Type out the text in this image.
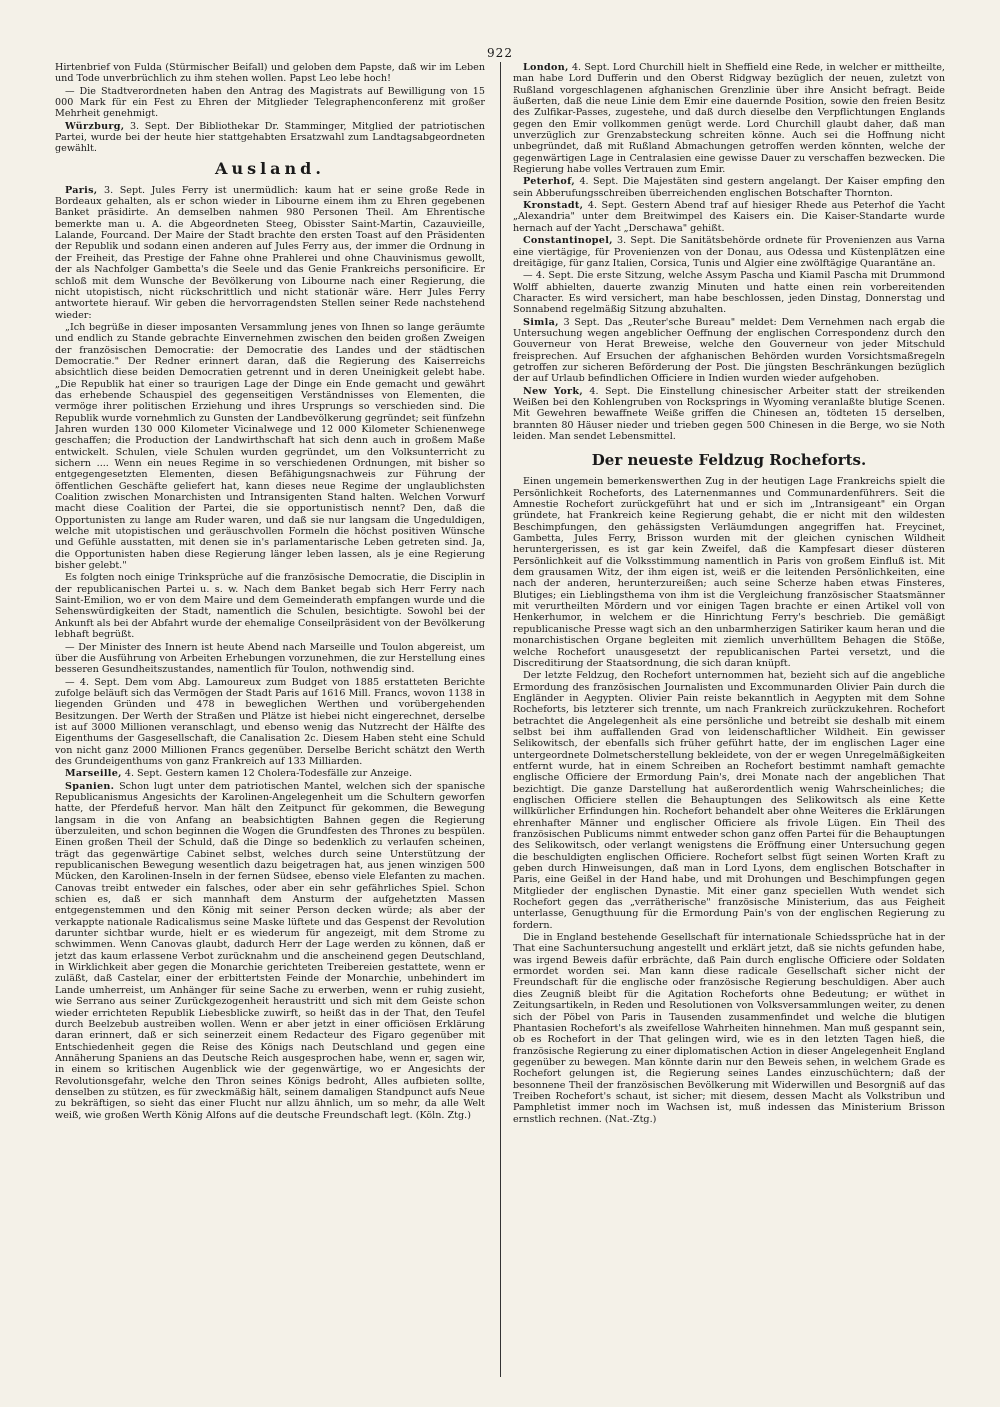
922

Hirtenbrief von Fulda (Stürmischer Beifall) und geloben dem Papste, daß wir im Leben und Tode unverbrüchlich zu ihm stehen wollen. Papst Leo lebe hoch!

— Die Stadtverordneten haben den Antrag des Magistrats auf Bewilligung von 15 000 Mark für ein Fest zu Ehren der Mitglieder Telegraphenconferenz mit großer Mehrheit genehmigt.

Würzburg, 3. Sept. Der Bibliothekar Dr. Stamminger, Mitglied der patriotischen Partei, wurde bei der heute hier stattgehabten Ersatzwahl zum Landtagsabgeordneten gewählt.

Ausland.

Paris, 3. Sept. Jules Ferry ist unermüdlich: kaum hat er seine große Rede in Bordeaux gehalten, als er schon wieder in Libourne einem ihm zu Ehren gegebenen Banket präsidirte. An demselben nahmen 980 Personen Theil. Am Ehrentische bemerkte man u. A. die Abgeordneten Steeg, Obisster Saint-Martin, Cazauvieille, Lalande, Fourcand. Der Maire der Stadt brachte den ersten Toast auf den Präsidenten der Republik und sodann einen anderen auf Jules Ferry aus, der immer die Ordnung in der Freiheit, das Prestige der Fahne ohne Prahlerei und ohne Chauvinismus gewollt, der als Nachfolger Gambetta's die Seele und das Genie Frankreichs personificire. Er schloß mit dem Wunsche der Bevölkerung von Libourne nach einer Regierung, die nicht utopistisch, nicht rückschrittlich und nicht stationär wäre. Herr Jules Ferry antwortete hierauf. Wir geben die hervorragendsten Stellen seiner Rede nachstehend wieder:

„Ich begrüße in dieser imposanten Versammlung jenes von Ihnen so lange geräumte und endlich zu Stande gebrachte Einvernehmen zwischen den beiden großen Zweigen der französischen Democratie: der Democratie des Landes und der städtischen Democratie." Der Redner erinnert daran, daß die Regierung des Kaiserreichs absichtlich diese beiden Democratien getrennt und in deren Uneinigkeit gelebt habe. „Die Republik hat einer so traurigen Lage der Dinge ein Ende gemacht und gewährt das erhebende Schauspiel des gegenseitigen Verständnisses von Elementen, die vermöge ihrer politischen Erziehung und ihres Ursprungs so verschieden sind. Die Republik wurde vornehmlich zu Gunsten der Landbevölkerung gegründet; seit fünfzehn Jahren wurden 130 000 Kilometer Vicinalwege und 12 000 Kilometer Schienenwege geschaffen; die Production der Landwirthschaft hat sich denn auch in großem Maße entwickelt. Schulen, viele Schulen wurden gegründet, um den Volksunterricht zu sichern .... Wenn ein neues Regime in so verschiedenen Ordnungen, mit bisher so entgegengesetzten Elementen, diesen Befähigungsnachweis zur Führung der öffentlichen Geschäfte geliefert hat, kann dieses neue Regime der unglaublichsten Coalition zwischen Monarchisten und Intransigenten Stand halten. Welchen Vorwurf macht diese Coalition der Partei, die sie opportunistisch nennt? Den, daß die Opportunisten zu lange am Ruder waren, und daß sie nur langsam die Ungeduldigen, welche mit utopistischen und geräuschvollen Formeln die höchst positiven Wünsche und Gefühle ausstatten, mit denen sie in's parlamentarische Leben getreten sind. Ja, die Opportunisten haben diese Regierung länger leben lassen, als je eine Regierung bisher gelebt."

Es folgten noch einige Trinksprüche auf die französische Democratie, die Disciplin in der republicanischen Partei u. s. w. Nach dem Banket begab sich Herr Ferry nach Saint-Emilion, wo er von dem Maire und dem Gemeinderath empfangen wurde und die Sehenswürdigkeiten der Stadt, namentlich die Schulen, besichtigte. Sowohl bei der Ankunft als bei der Abfahrt wurde der ehemalige Conseilpräsident von der Bevölkerung lebhaft begrüßt.

— Der Minister des Innern ist heute Abend nach Marseille und Toulon abgereist, um über die Ausführung von Arbeiten Erhebungen vorzunehmen, die zur Herstellung eines besseren Gesundheitszustandes, namentlich für Toulon, nothwendig sind.

— 4. Sept. Dem vom Abg. Lamoureux zum Budget von 1885 erstatteten Berichte zufolge beläuft sich das Vermögen der Stadt Paris auf 1616 Mill. Francs, wovon 1138 in liegenden Gründen und 478 in beweglichen Werthen und vorübergehenden Besitzungen. Der Werth der Straßen und Plätze ist hiebei nicht eingerechnet, derselbe ist auf 3000 Millionen veranschlagt, und ebenso wenig das Nutzrecht der Hälfte des Eigenthums der Gasgesellschaft, die Canalisation 2c. Diesem Haben steht eine Schuld von nicht ganz 2000 Millionen Francs gegenüber. Derselbe Bericht schätzt den Werth des Grundeigenthums von ganz Frankreich auf 133 Milliarden.

Marseille, 4. Sept. Gestern kamen 12 Cholera-Todesfälle zur Anzeige.

Spanien. Schon lugt unter dem patriotischen Mantel, welchen sich der spanische Republicanismus Angesichts der Karolinen-Angelegenheit um die Schultern geworfen hatte, der Pferdefuß hervor. Man hält den Zeitpunct für gekommen, die Bewegung langsam in die von Anfang an beabsichtigten Bahnen gegen die Regierung überzuleiten, und schon beginnen die Wogen die Grundfesten des Thrones zu bespülen. Einen großen Theil der Schuld, daß die Dinge so bedenklich zu verlaufen scheinen, trägt das gegenwärtige Cabinet selbst, welches durch seine Unterstützung der republicanischen Bewegung wesentlich dazu beigetragen hat, aus jenen winzigen 500 Mücken, den Karolinen-Inseln in der fernen Südsee, ebenso viele Elefanten zu machen. Canovas treibt entweder ein falsches, oder aber ein sehr gefährliches Spiel. Schon schien es, daß er sich mannhaft dem Ansturm der aufgehetzten Massen entgegenstemmen und den König mit seiner Person decken würde; als aber der verkappte nationale Radicalismus seine Maske lüftete und das Gespenst der Revolution darunter sichtbar wurde, hielt er es wiederum für angezeigt, mit dem Strome zu schwimmen. Wenn Canovas glaubt, dadurch Herr der Lage werden zu können, daß er jetzt das kaum erlassene Verbot zurücknahm und die anscheinend gegen Deutschland, in Wirklichkeit aber gegen die Monarchie gerichteten Treibereien gestattete, wenn er zuläßt, daß Castelar, einer der erbittertsten Feinde der Monarchie, unbehindert im Lande umherreist, um Anhänger für seine Sache zu erwerben, wenn er ruhig zusieht, wie Serrano aus seiner Zurückgezogenheit heraustritt und sich mit dem Geiste schon wieder errichteten Republik Liebesblicke zuwirft, so heißt das in der That, den Teufel durch Beelzebub austreiben wollen. Wenn er aber jetzt in einer officiösen Erklärung daran erinnert, daß er sich seinerzeit einem Redacteur des Figaro gegenüber mit Entschiedenheit gegen die Reise des Königs nach Deutschland und gegen eine Annäherung Spaniens an das Deutsche Reich ausgesprochen habe, wenn er, sagen wir, in einem so kritischen Augenblick wie der gegenwärtige, wo er Angesichts der Revolutionsgefahr, welche den Thron seines Königs bedroht, Alles aufbieten sollte, denselben zu stützen, es für zweckmäßig hält, seinem damaligen Standpunct aufs Neue zu bekräftigen, so sieht das einer Flucht nur allzu ähnlich, um so mehr, da alle Welt weiß, wie großen Werth König Alfons auf die deutsche Freundschaft legt. (Köln. Ztg.)

London, 4. Sept. Lord Churchill hielt in Sheffield eine Rede, in welcher er mittheilte, man habe Lord Dufferin und den Oberst Ridgway bezüglich der neuen, zuletzt von Rußland vorgeschlagenen afghanischen Grenzlinie über ihre Ansicht befragt. Beide äußerten, daß die neue Linie dem Emir eine dauernde Position, sowie den freien Besitz des Zulfikar-Passes, zugestehe, und daß durch dieselbe den Verpflichtungen Englands gegen den Emir vollkommen genügt werde. Lord Churchill glaubt daher, daß man unverzüglich zur Grenzabsteckung schreiten könne. Auch sei die Hoffnung nicht unbegründet, daß mit Rußland Abmachungen getroffen werden könnten, welche der gegenwärtigen Lage in Centralasien eine gewisse Dauer zu verschaffen bezwecken. Die Regierung habe volles Vertrauen zum Emir.

Peterhof, 4. Sept. Die Majestäten sind gestern angelangt. Der Kaiser empfing den sein Abberufungsschreiben überreichenden englischen Botschafter Thornton.

Kronstadt, 4. Sept. Gestern Abend traf auf hiesiger Rhede aus Peterhof die Yacht „Alexandria" unter dem Breitwimpel des Kaisers ein. Die Kaiser-Standarte wurde hernach auf der Yacht „Derschawa" gehißt.

Constantinopel, 3. Sept. Die Sanitätsbehörde ordnete für Provenienzen aus Varna eine viertägige, für Provenienzen von der Donau, aus Odessa und Küstenplätzen eine dreitägige, für ganz Italien, Corsica, Tunis und Algier eine zwölftägige Quarantäne an.

— 4. Sept. Die erste Sitzung, welche Assym Pascha und Kiamil Pascha mit Drummond Wolff abhielten, dauerte zwanzig Minuten und hatte einen rein vorbereitenden Character. Es wird versichert, man habe beschlossen, jeden Dinstag, Donnerstag und Sonnabend regelmäßig Sitzung abzuhalten.

Simla, 3 Sept. Das „Reuter'sche Bureau" meldet: Dem Vernehmen nach ergab die Untersuchung wegen angeblicher Oeffnung der englischen Correspondenz durch den Gouverneur von Herat Breweise, welche den Gouverneur von jeder Mitschuld freisprechen. Auf Ersuchen der afghanischen Behörden wurden Vorsichtsmaßregeln getroffen zur sicheren Beförderung der Post. Die jüngsten Beschränkungen bezüglich der auf Urlaub befindlichen Officiere in Indien wurden wieder aufgehoben.

New York, 4. Sept. Die Einstellung chinesischer Arbeiter statt der streikenden Weißen bei den Kohlengruben von Rocksprings in Wyoming veranlaßte blutige Scenen. Mit Gewehren bewaffnete Weiße griffen die Chinesen an, tödteten 15 derselben, brannten 80 Häuser nieder und trieben gegen 500 Chinesen in die Berge, wo sie Noth leiden. Man sendet Lebensmittel.

Der neueste Feldzug Rocheforts.

Einen ungemein bemerkenswerthen Zug in der heutigen Lage Frankreichs spielt die Persönlichkeit Rocheforts, des Laternenmannes und Communardenführers. Seit die Amnestie Rochefort zurückgeführt hat und er sich im „Intransigeant" ein Organ gründete, hat Frankreich keine Regierung gehabt, die er nicht mit den wildesten Beschimpfungen, den gehässigsten Verläumdungen angegriffen hat. Freycinet, Gambetta, Jules Ferry, Brisson wurden mit der gleichen cynischen Wildheit heruntergerissen, es ist gar kein Zweifel, daß die Kampfesart dieser düsteren Persönlichkeit auf die Volksstimmung namentlich in Paris von großem Einfluß ist. Mit dem grausamen Witz, der ihm eigen ist, weiß er die leitenden Persönlichkeiten, eine nach der anderen, herunterzureißen; auch seine Scherze haben etwas Finsteres, Blutiges; ein Lieblingsthema von ihm ist die Vergleichung französischer Staatsmänner mit verurtheilten Mördern und vor einigen Tagen brachte er einen Artikel voll von Henkerhumor, in welchem er die Hinrichtung Ferry's beschrieb. Die gemäßigt republicanische Presse wagt sich an den unbarmherzigen Satiriker kaum heran und die monarchistischen Organe begleiten mit ziemlich unverhülltem Behagen die Stöße, welche Rochefort unausgesetzt der republicanischen Partei versetzt, und die Discreditirung der Staatsordnung, die sich daran knüpft.

Der letzte Feldzug, den Rochefort unternommen hat, bezieht sich auf die angebliche Ermordung des französischen Journalisten und Excommunarden Olivier Pain durch die Engländer in Aegypten. Olivier Pain reiste bekanntlich in Aegypten mit dem Sohne Rocheforts, bis letzterer sich trennte, um nach Frankreich zurückzukehren. Rochefort betrachtet die Angelegenheit als eine persönliche und betreibt sie deshalb mit einem selbst bei ihm auffallenden Grad von leidenschaftlicher Wildheit. Ein gewisser Selikowitsch, der ebenfalls sich früher geführt hatte, der im englischen Lager eine untergeordnete Dolmetscherstellung bekleidete, von der er wegen Unregelmäßigkeiten entfernt wurde, hat in einem Schreiben an Rochefort bestimmt namhaft gemachte englische Officiere der Ermordung Pain's, drei Monate nach der angeblichen That bezichtigt. Die ganze Darstellung hat außerordentlich wenig Wahrscheinliches; die englischen Officiere stellen die Behauptungen des Selikowitsch als eine Kette willkürlicher Erfindungen hin. Rochefort behandelt aber ohne Weiteres die Erklärungen ehrenhafter Männer und englischer Officiere als frivole Lügen. Ein Theil des französischen Publicums nimmt entweder schon ganz offen Partei für die Behauptungen des Selikowitsch, oder verlangt wenigstens die Eröffnung einer Untersuchung gegen die beschuldigten englischen Officiere. Rochefort selbst fügt seinen Worten Kraft zu geben durch Hinweisungen, daß man in Lord Lyons, dem englischen Botschafter in Paris, eine Geißel in der Hand habe, und mit Drohungen und Beschimpfungen gegen Mitglieder der englischen Dynastie. Mit einer ganz speciellen Wuth wendet sich Rochefort gegen das „verrätherische" französische Ministerium, das aus Feigheit unterlasse, Genugthuung für die Ermordung Pain's von der englischen Regierung zu fordern.

Die in England bestehende Gesellschaft für internationale Schiedssprüche hat in der That eine Sachuntersuchung angestellt und erklärt jetzt, daß sie nichts gefunden habe, was irgend Beweis dafür erbrächte, daß Pain durch englische Officiere oder Soldaten ermordet worden sei. Man kann diese radicale Gesellschaft sicher nicht der Freundschaft für die englische oder französische Regierung beschuldigen. Aber auch dies Zeugniß bleibt für die Agitation Rocheforts ohne Bedeutung; er wüthet in Zeitungsartikeln, in Reden und Resolutionen von Volksversammlungen weiter, zu denen sich der Pöbel von Paris in Tausenden zusammenfindet und welche die blutigen Phantasien Rochefort's als zweifellose Wahrheiten hinnehmen. Man muß gespannt sein, ob es Rochefort in der That gelingen wird, wie es in den letzten Tagen hieß, die französische Regierung zu einer diplomatischen Action in dieser Angelegenheit England gegenüber zu bewegen. Man könnte darin nur den Beweis sehen, in welchem Grade es Rochefort gelungen ist, die Regierung seines Landes einzuschüchtern; daß der besonnene Theil der französischen Bevölkerung mit Widerwillen und Besorgniß auf das Treiben Rochefort's schaut, ist sicher; mit diesem, dessen Macht als Volkstribun und Pamphletist immer noch im Wachsen ist, muß indessen das Ministerium Brisson ernstlich rechnen. (Nat.-Ztg.)
